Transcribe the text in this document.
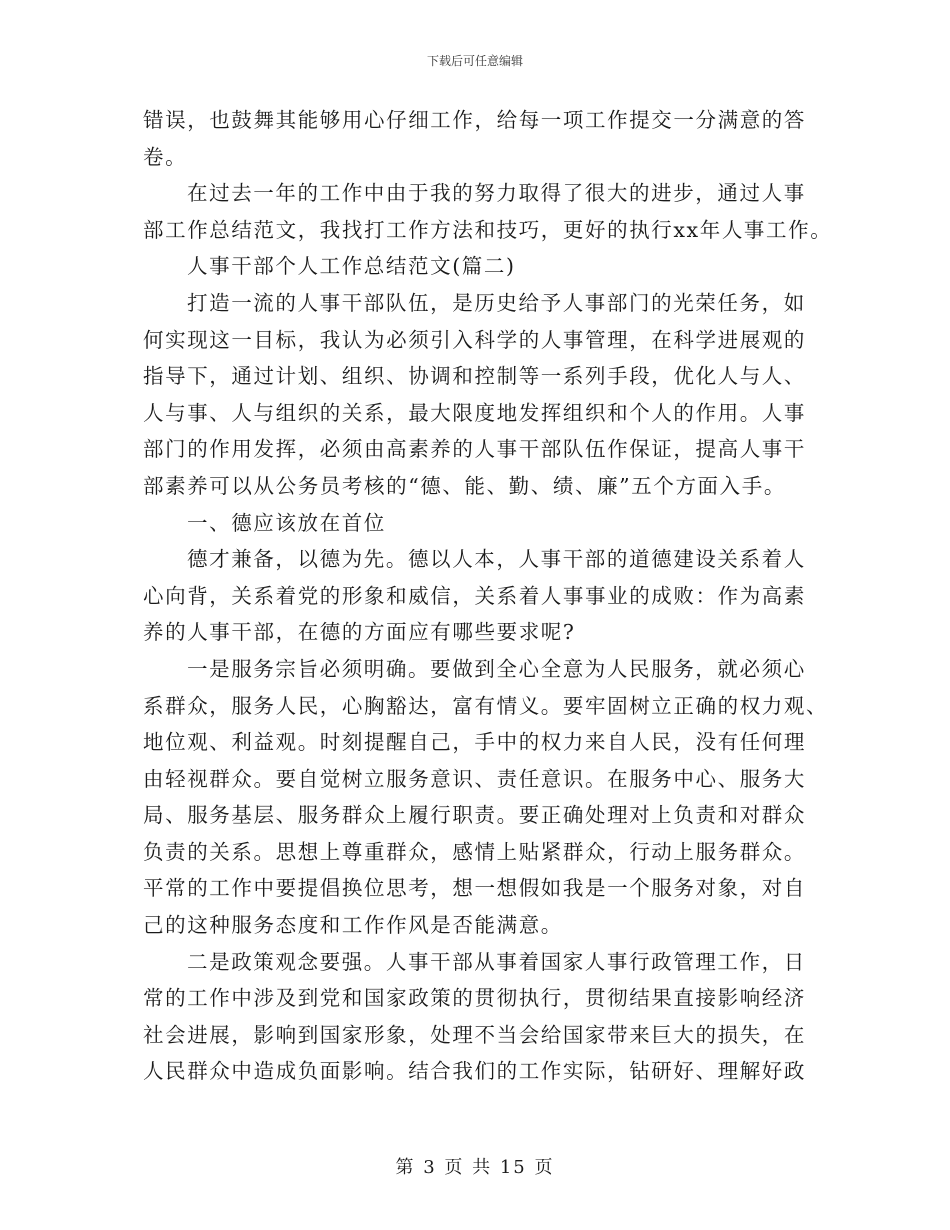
下载后可任意编辑
错误，也鼓舞其能够用心仔细工作，给每一项工作提交一分满意的答
卷。
在过去一年的工作中由于我的努力取得了很大的进步，通过人事
部工作总结范文，我找打工作方法和技巧，更好的执行xx年人事工作。
人事干部个人工作总结范文(篇二)
打造一流的人事干部队伍，是历史给予人事部门的光荣任务，如
何实现这一目标，我认为必须引入科学的人事管理，在科学进展观的
指导下，通过计划、组织、协调和控制等一系列手段，优化人与人、
人与事、人与组织的关系，最大限度地发挥组织和个人的作用。人事
部门的作用发挥，必须由高素养的人事干部队伍作保证，提高人事干
部素养可以从公务员考核的“德、能、勤、绩、廉”五个方面入手。
一、德应该放在首位
德才兼备，以德为先。德以人本，人事干部的道德建设关系着人
心向背，关系着党的形象和威信，关系着人事事业的成败：作为高素
养的人事干部，在德的方面应有哪些要求呢?
一是服务宗旨必须明确。要做到全心全意为人民服务，就必须心
系群众，服务人民，心胸豁达，富有情义。要牢固树立正确的权力观、
地位观、利益观。时刻提醒自己，手中的权力来自人民，没有任何理
由轻视群众。要自觉树立服务意识、责任意识。在服务中心、服务大
局、服务基层、服务群众上履行职责。要正确处理对上负责和对群众
负责的关系。思想上尊重群众，感情上贴紧群众，行动上服务群众。
平常的工作中要提倡换位思考，想一想假如我是一个服务对象，对自
己的这种服务态度和工作作风是否能满意。
二是政策观念要强。人事干部从事着国家人事行政管理工作，日
常的工作中涉及到党和国家政策的贯彻执行，贯彻结果直接影响经济
社会进展，影响到国家形象，处理不当会给国家带来巨大的损失，在
人民群众中造成负面影响。结合我们的工作实际，钻研好、理解好政
第 3 页 共 15 页
